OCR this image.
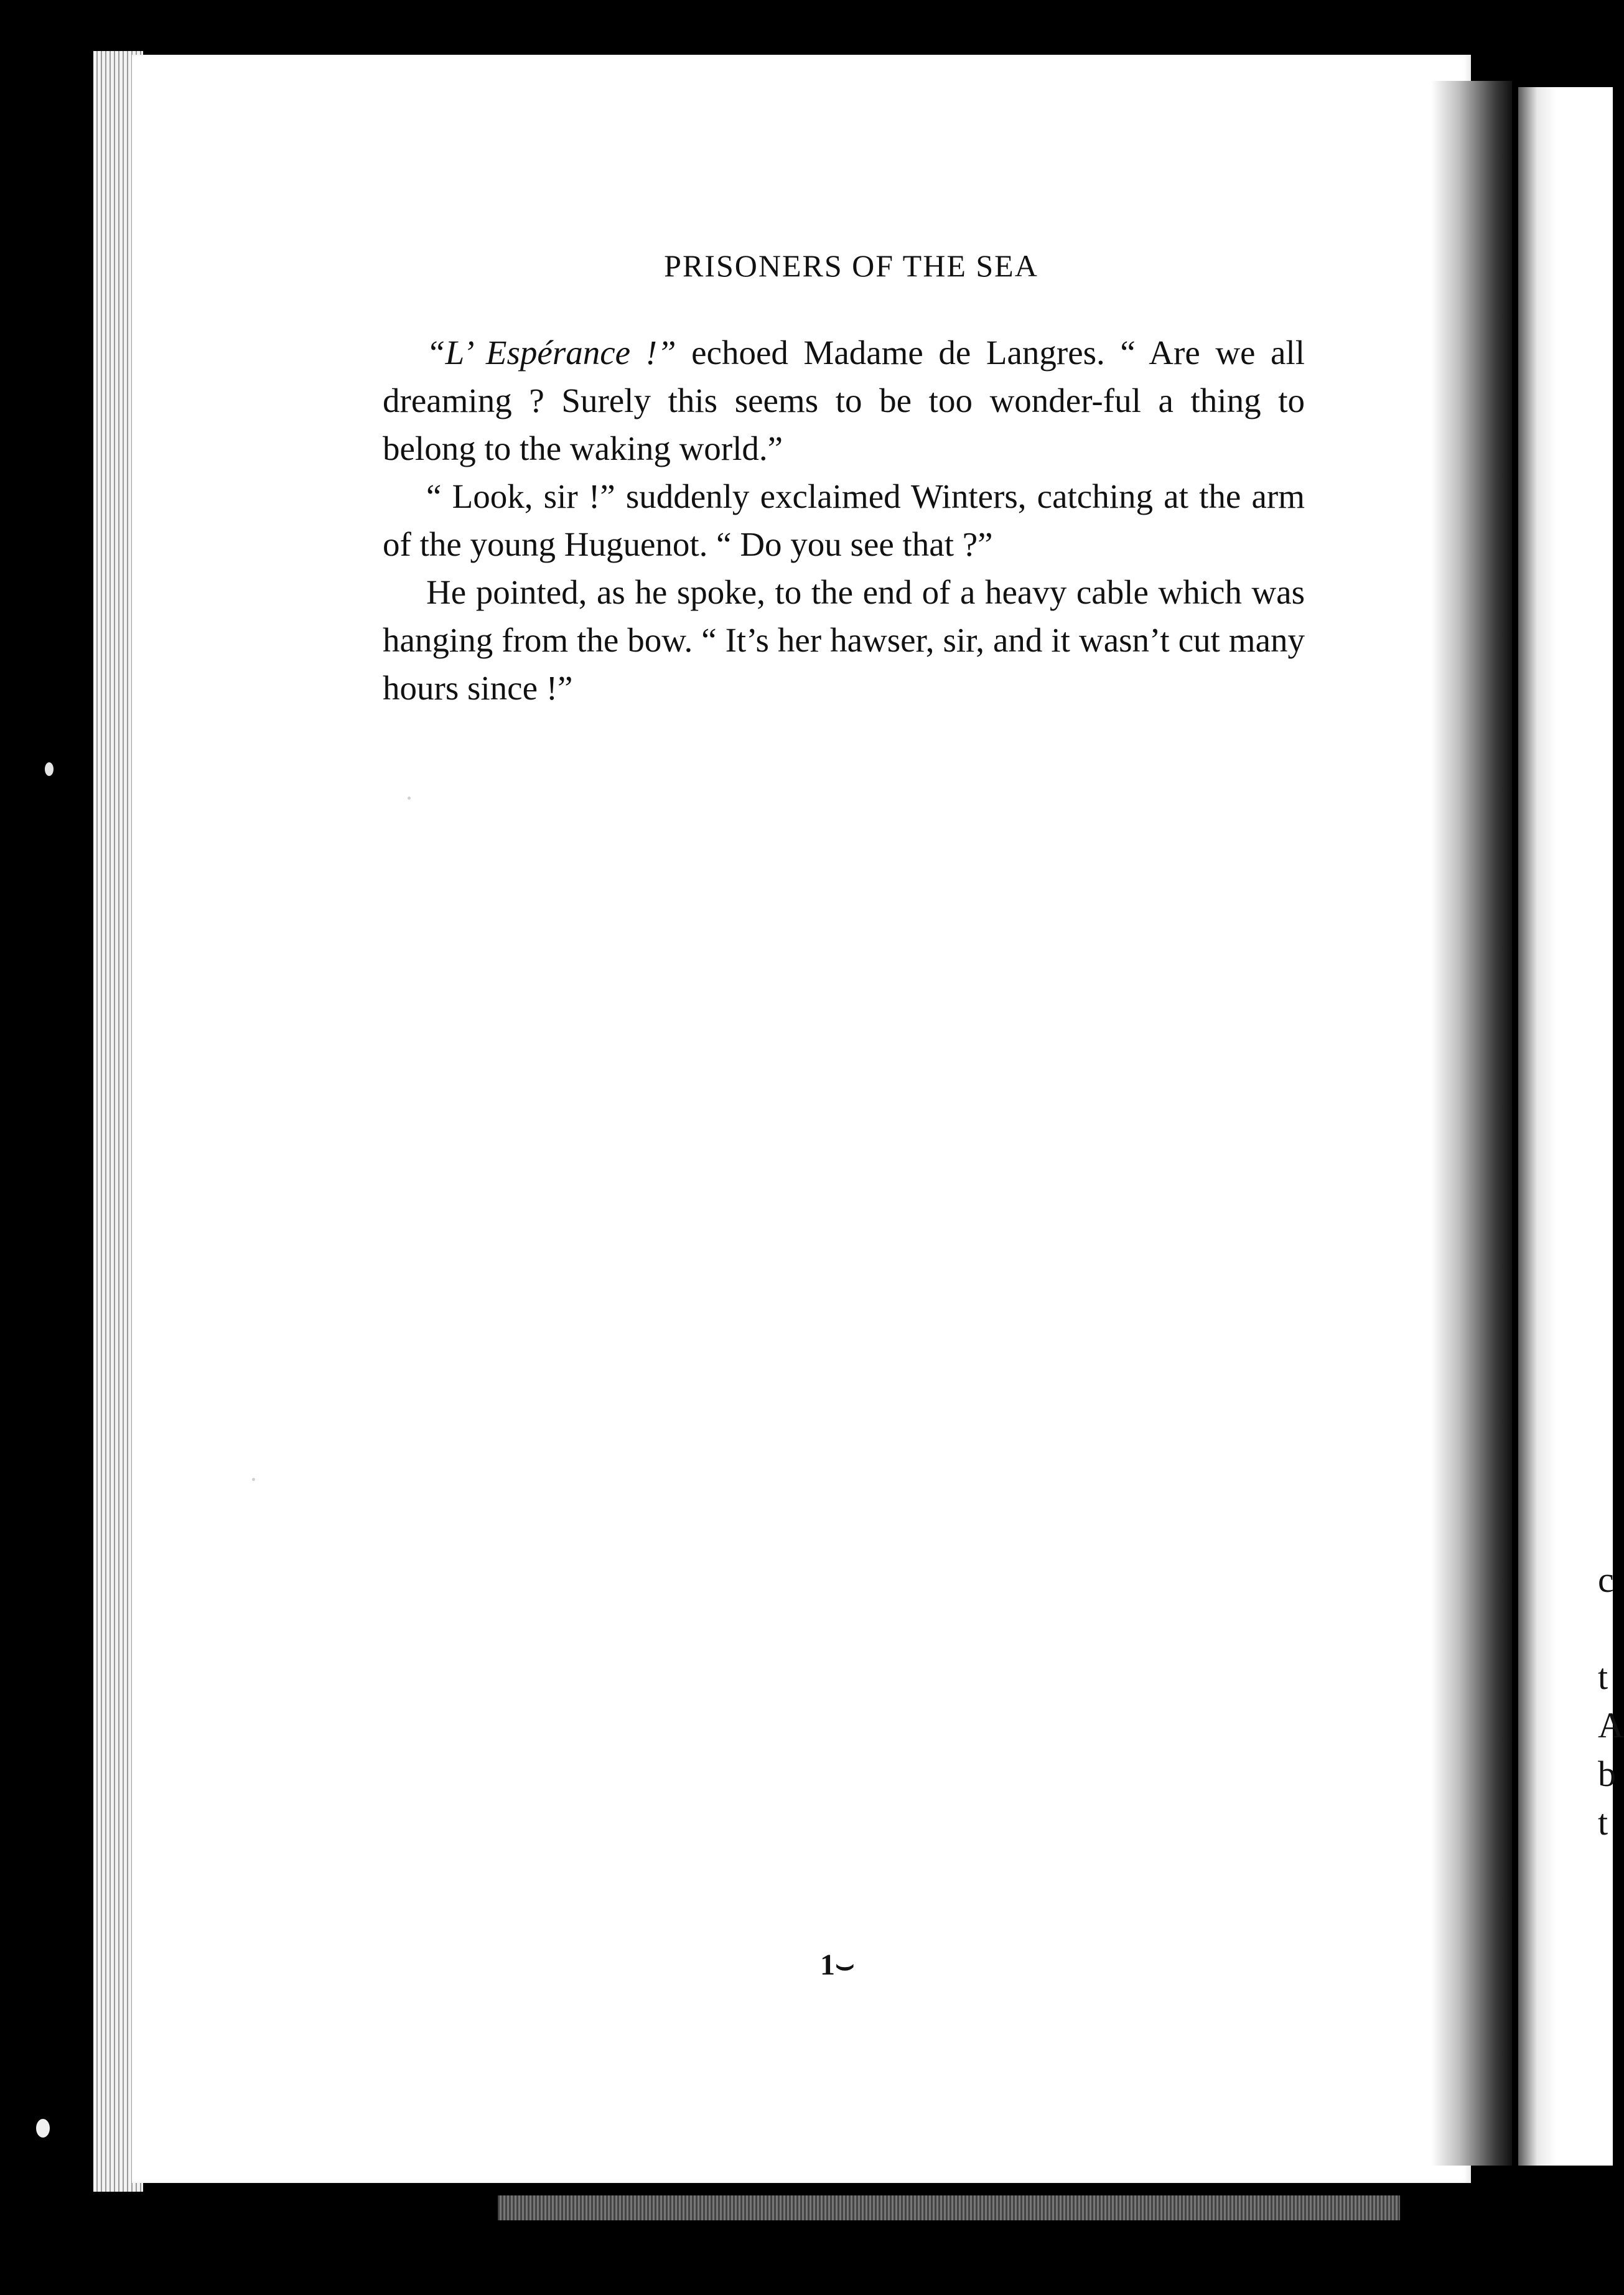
c
t
A
b
t
PRISONERS OF THE SEA

“L’ Espérance !” echoed Madame de Langres. “ Are we all dreaming ? Surely this seems to be too wonder-ful a thing to belong to the waking world.”

“ Look, sir !” suddenly exclaimed Winters, catching at the arm of the young Huguenot. “ Do you see that ?”

He pointed, as he spoke, to the end of a heavy cable which was hanging from the bow. “ It’s her hawser, sir, and it wasn’t cut many hours since !”

1⌣
